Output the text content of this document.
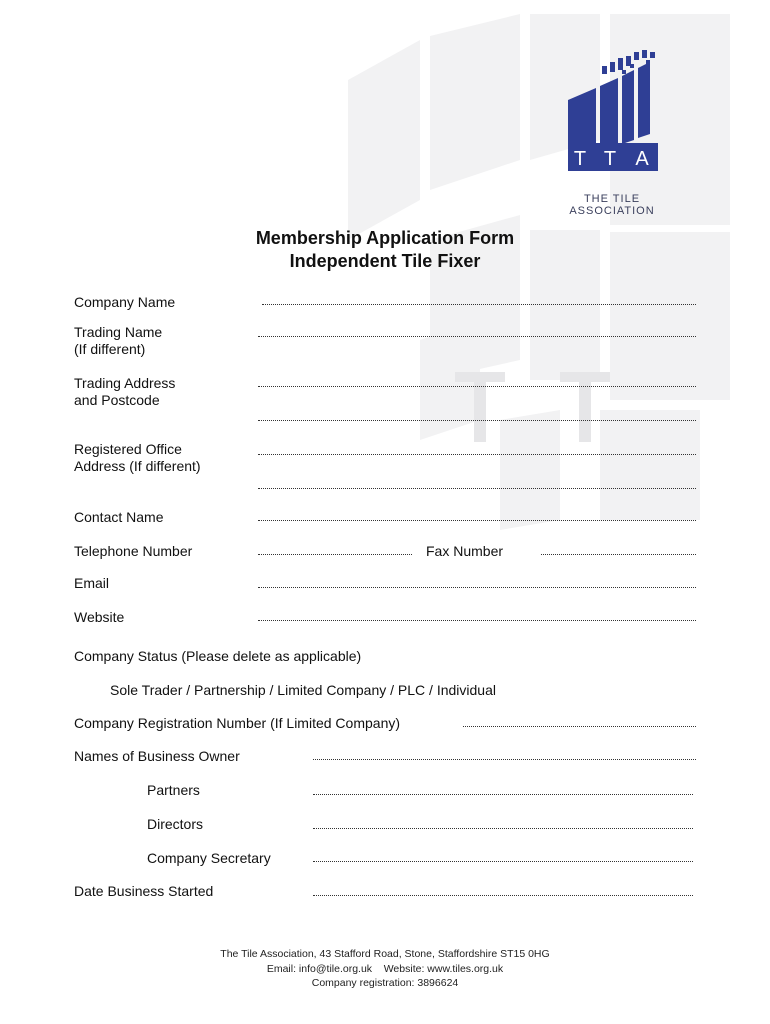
T T A
THE TILE
ASSOCIATION
Membership Application Form
Independent Tile Fixer
Company Name
Trading Name
(If different)
Trading Address
and Postcode
Registered Office
Address (If different)
Contact Name
Telephone Number	Fax Number
Email
Website
Company Status (Please delete as applicable)
Sole Trader / Partnership / Limited Company / PLC / Individual
Company Registration Number (If Limited Company)
Names of Business Owner
Partners
Directors
Company Secretary
Date Business Started
The Tile Association, 43 Stafford Road, Stone, Staffordshire ST15 0HG
Email: info@tile.org.uk    Website: www.tiles.org.uk
Company registration: 3896624
